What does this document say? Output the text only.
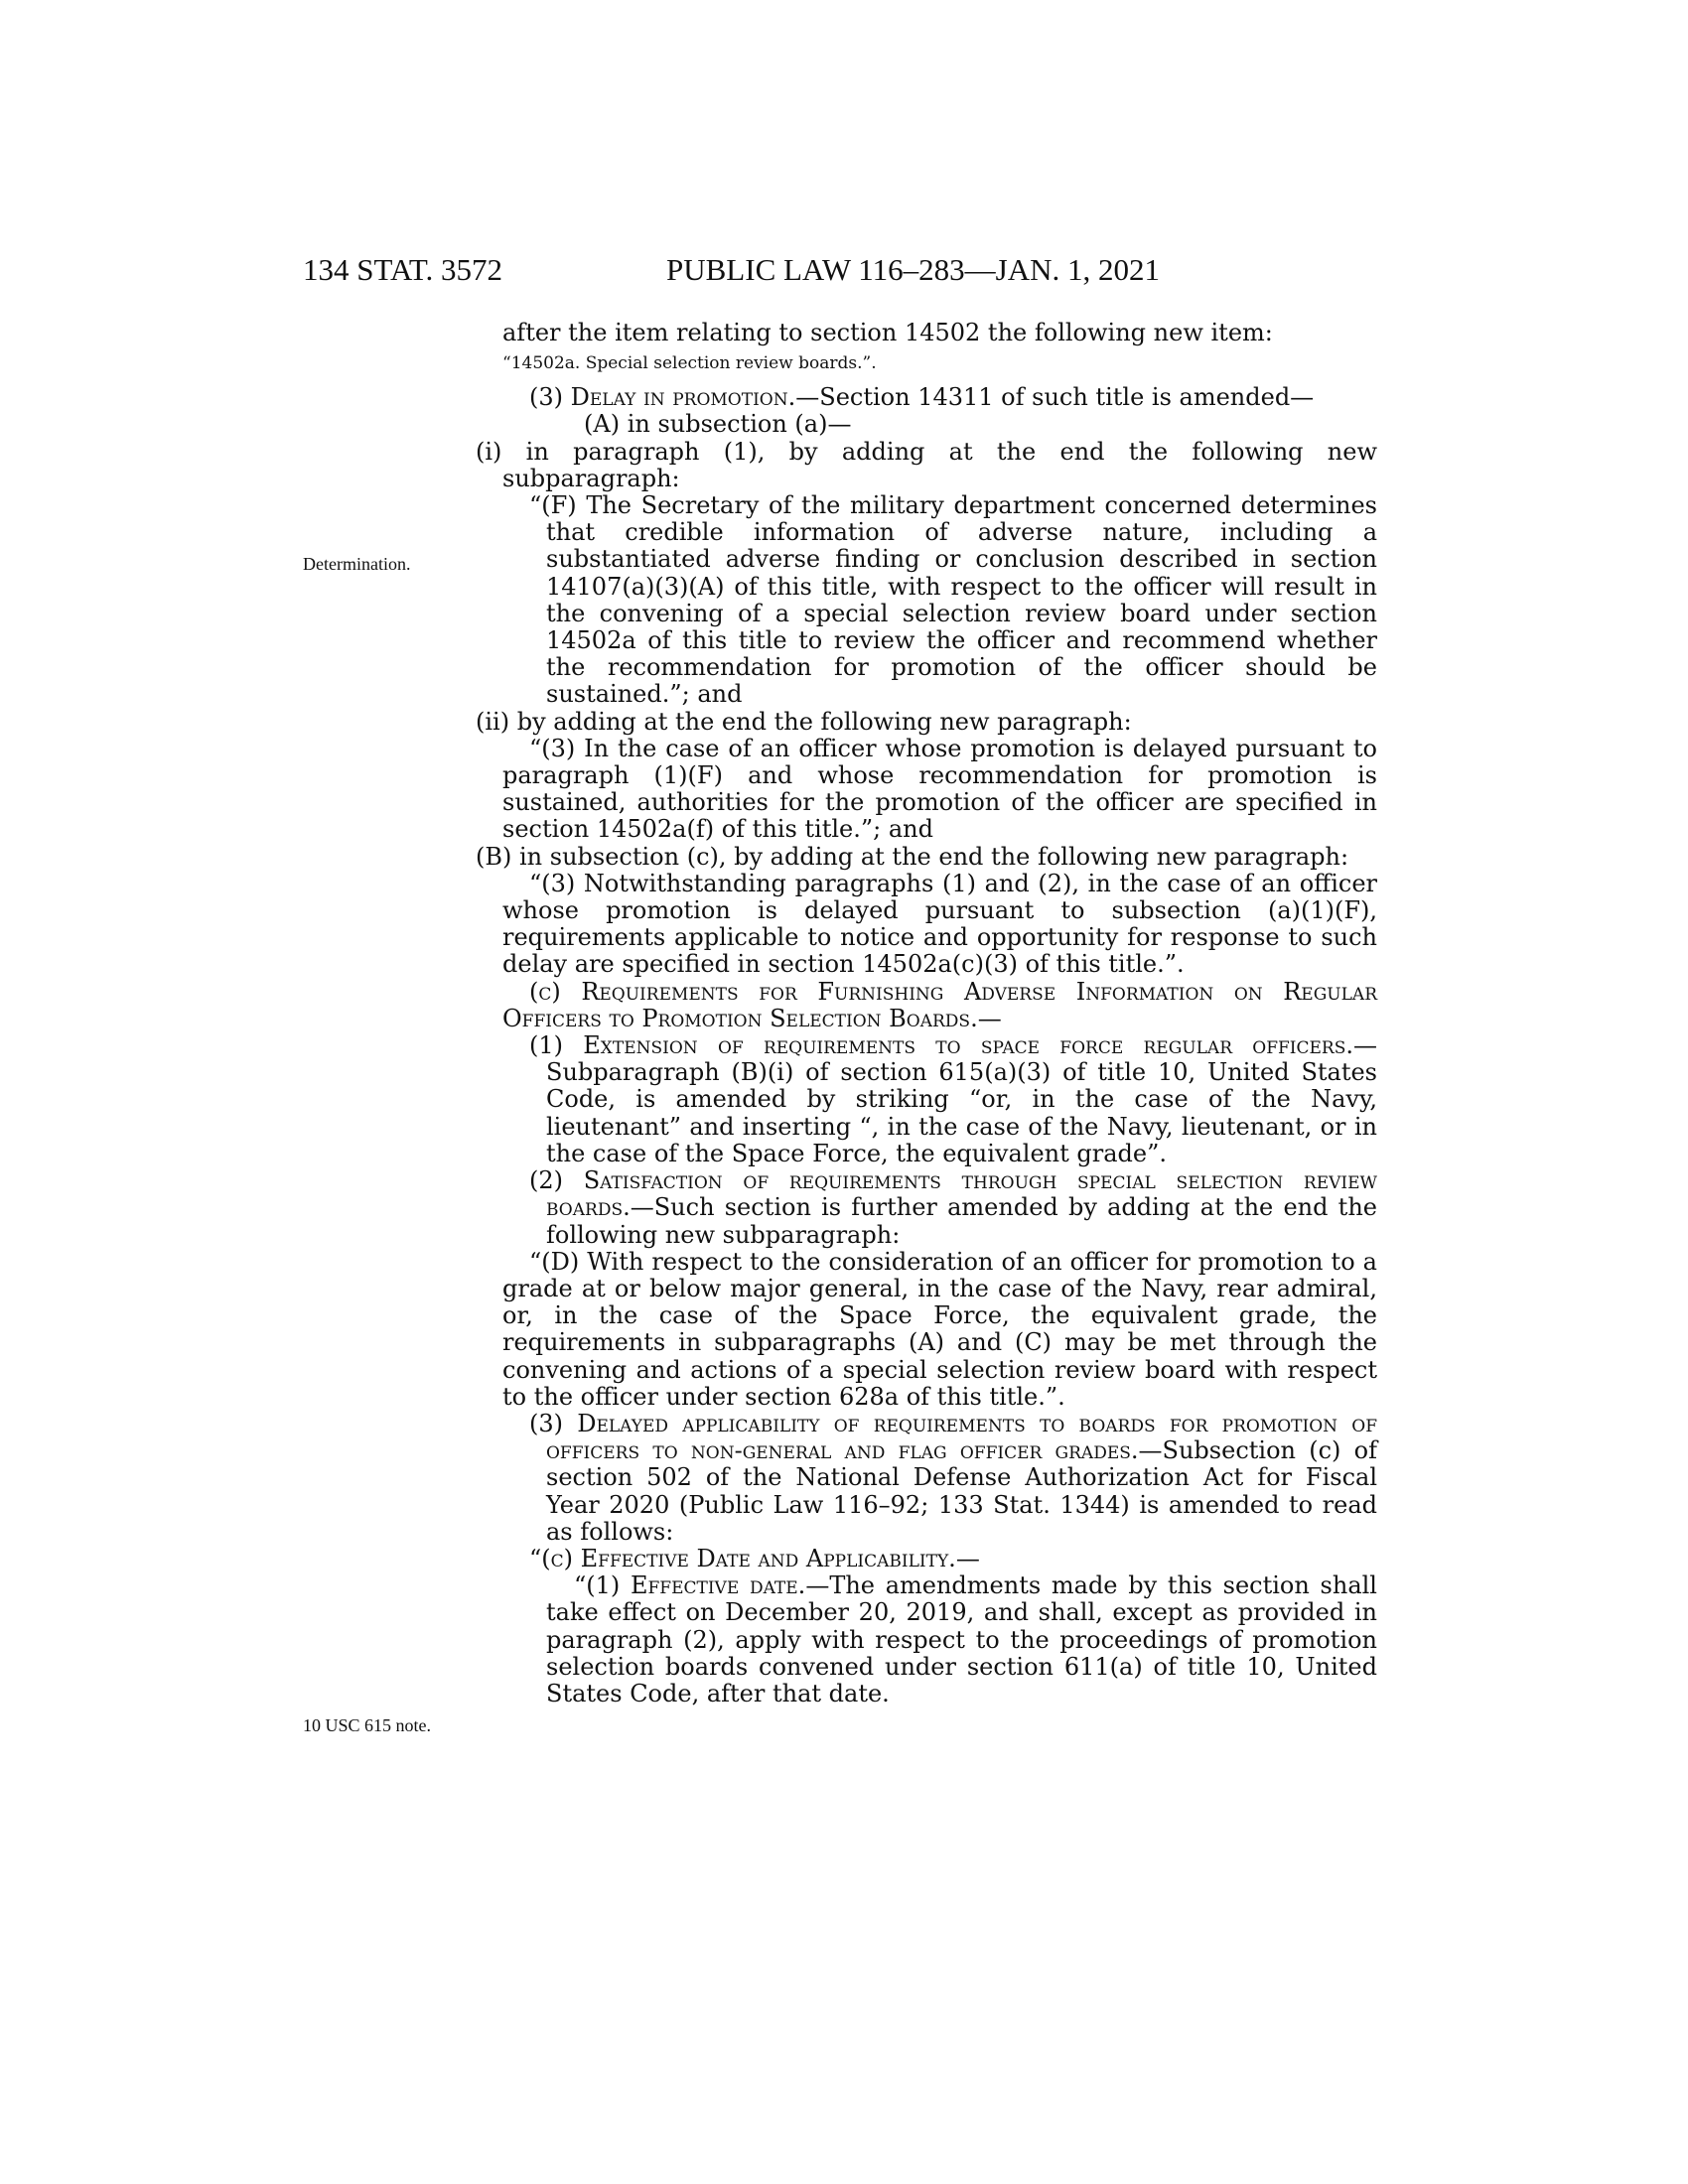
134 STAT. 3572	PUBLIC LAW 116–283—JAN. 1, 2021
Determination.
10 USC 615 note.

after the item relating to section 14502 the following new item:

“14502a. Special selection review boards.”.

(3) Delay in promotion.—Section 14311 of such title is amended—

(A) in subsection (a)—

(i) in paragraph (1), by adding at the end the following new subparagraph:

“(F) The Secretary of the military department concerned determines that credible information of adverse nature, including a substantiated adverse finding or conclusion described in section 14107(a)(3)(A) of this title, with respect to the officer will result in the convening of a special selection review board under section 14502a of this title to review the officer and recommend whether the recommendation for promotion of the officer should be sustained.”; and

(ii) by adding at the end the following new paragraph:

“(3) In the case of an officer whose promotion is delayed pursuant to paragraph (1)(F) and whose recommendation for promotion is sustained, authorities for the promotion of the officer are specified in section 14502a(f) of this title.”; and

(B) in subsection (c), by adding at the end the following new paragraph:

“(3) Notwithstanding paragraphs (1) and (2), in the case of an officer whose promotion is delayed pursuant to subsection (a)(1)(F), requirements applicable to notice and opportunity for response to such delay are specified in section 14502a(c)(3) of this title.”.

(c) Requirements for Furnishing Adverse Information on Regular Officers to Promotion Selection Boards.—

(1) Extension of requirements to space force regular officers.—Subparagraph (B)(i) of section 615(a)(3) of title 10, United States Code, is amended by striking “or, in the case of the Navy, lieutenant” and inserting “, in the case of the Navy, lieutenant, or in the case of the Space Force, the equivalent grade”.

(2) Satisfaction of requirements through special selection review boards.—Such section is further amended by adding at the end the following new subparagraph:

“(D) With respect to the consideration of an officer for promotion to a grade at or below major general, in the case of the Navy, rear admiral, or, in the case of the Space Force, the equivalent grade, the requirements in subparagraphs (A) and (C) may be met through the convening and actions of a special selection review board with respect to the officer under section 628a of this title.”.

(3) Delayed applicability of requirements to boards for promotion of officers to non-general and flag officer grades.—Subsection (c) of section 502 of the National Defense Authorization Act for Fiscal Year 2020 (Public Law 116–92; 133 Stat. 1344) is amended to read as follows:

“(c) Effective Date and Applicability.—

“(1) Effective date.—The amendments made by this section shall take effect on December 20, 2019, and shall, except as provided in paragraph (2), apply with respect to the proceedings of promotion selection boards convened under section 611(a) of title 10, United States Code, after that date.
